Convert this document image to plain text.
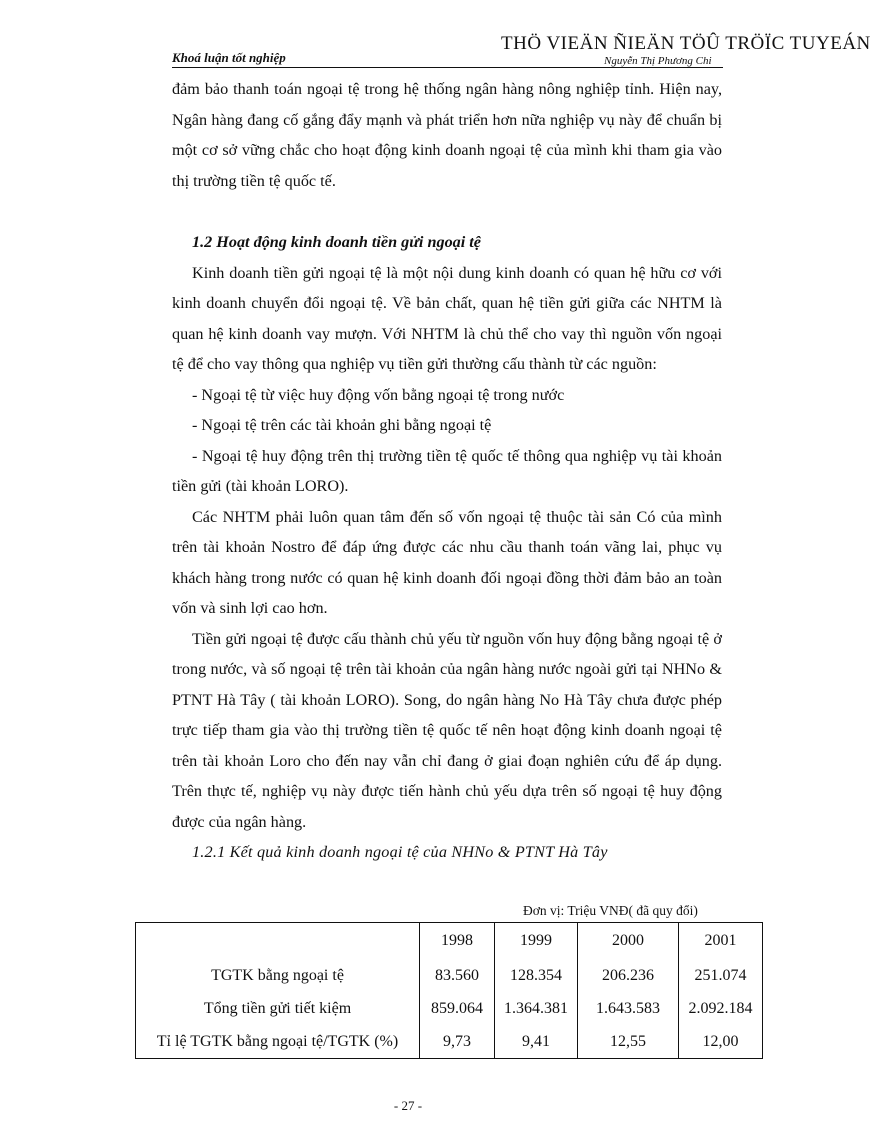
Khoá luận tốt nghiệp
THÖ VIEÄN ÑIEÄN TÖÛ TRÖÏC TUYEÁN
Nguyễn Thị Phương Chi

đảm bảo thanh toán ngoại tệ trong hệ thống ngân hàng nông nghiệp tỉnh. Hiện nay, Ngân hàng đang cố gắng đẩy mạnh và phát triển hơn nữa nghiệp vụ này để chuẩn bị một cơ sở vững chắc cho hoạt động kinh doanh ngoại tệ của mình khi tham gia vào thị trường tiền tệ quốc tế.

1.2 Hoạt động kinh doanh tiền gửi ngoại tệ

Kinh doanh tiền gửi ngoại tệ là một nội dung kinh doanh có quan hệ hữu cơ với kinh doanh chuyển đổi ngoại tệ. Về bản chất, quan hệ tiền gửi giữa các NHTM là quan hệ kinh doanh vay mượn. Với NHTM là chủ thể cho vay thì nguồn vốn ngoại tệ để cho vay thông qua nghiệp vụ tiền gửi thường cấu thành từ các nguồn:

- Ngoại tệ từ việc huy động vốn bằng ngoại tệ trong nước

- Ngoại tệ trên các tài khoản ghi bằng ngoại tệ

- Ngoại tệ huy động trên thị trường tiền tệ quốc tế thông qua nghiệp vụ tài khoản tiền gửi (tài khoản LORO).

Các NHTM phải luôn quan tâm đến số vốn ngoại tệ thuộc tài sản Có của mình trên tài khoản Nostro để đáp ứng được các nhu cầu thanh toán vãng lai, phục vụ khách hàng trong nước có quan hệ kinh doanh đối ngoại đồng thời đảm bảo an toàn vốn và sinh lợi cao hơn.

Tiền gửi ngoại tệ được cấu thành chủ yếu từ nguồn vốn huy động bằng ngoại tệ ở trong nước, và số ngoại tệ trên tài khoản của ngân hàng nước ngoài gửi tại NHNo & PTNT Hà Tây ( tài khoản LORO). Song, do ngân hàng No Hà Tây chưa được phép trực tiếp tham gia vào thị trường tiền tệ quốc tế nên hoạt động kinh doanh ngoại tệ trên tài khoản Loro cho đến nay vẫn chỉ đang ở giai đoạn nghiên cứu để áp dụng. Trên thực tế, nghiệp vụ này được tiến hành chủ yếu dựa trên số ngoại tệ huy động được của ngân hàng.

1.2.1 Kết quả kinh doanh ngoại tệ của NHNo & PTNT Hà Tây

Đơn vị: Triệu VNĐ( đã quy đổi)
	1998	1999	2000	2001
TGTK bằng ngoại tệ	83.560	128.354	206.236	251.074
Tổng tiền gửi tiết kiệm	859.064	1.364.381	1.643.583	2.092.184
Tỉ lệ TGTK bằng ngoại tệ/TGTK (%)	9,73	9,41	12,55	12,00
- 27 -
